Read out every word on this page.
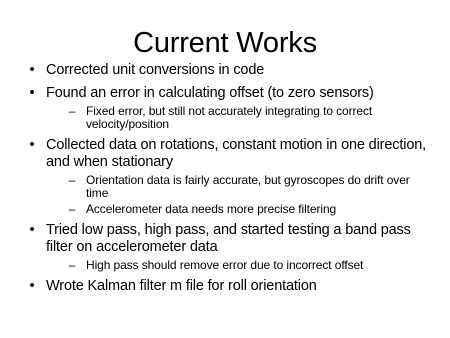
Current Works
• Corrected unit conversions in code
• Found an error in calculating offset (to zero sensors)
– Fixed error, but still not accurately integrating to correct velocity/position
• Collected data on rotations, constant motion in one direction, and when stationary
– Orientation data is fairly accurate, but gyroscopes do drift over time
– Accelerometer data needs more precise filtering
• Tried low pass, high pass, and started testing a band pass filter on accelerometer data
– High pass should remove error due to incorrect offset
• Wrote Kalman filter m file for roll orientation
